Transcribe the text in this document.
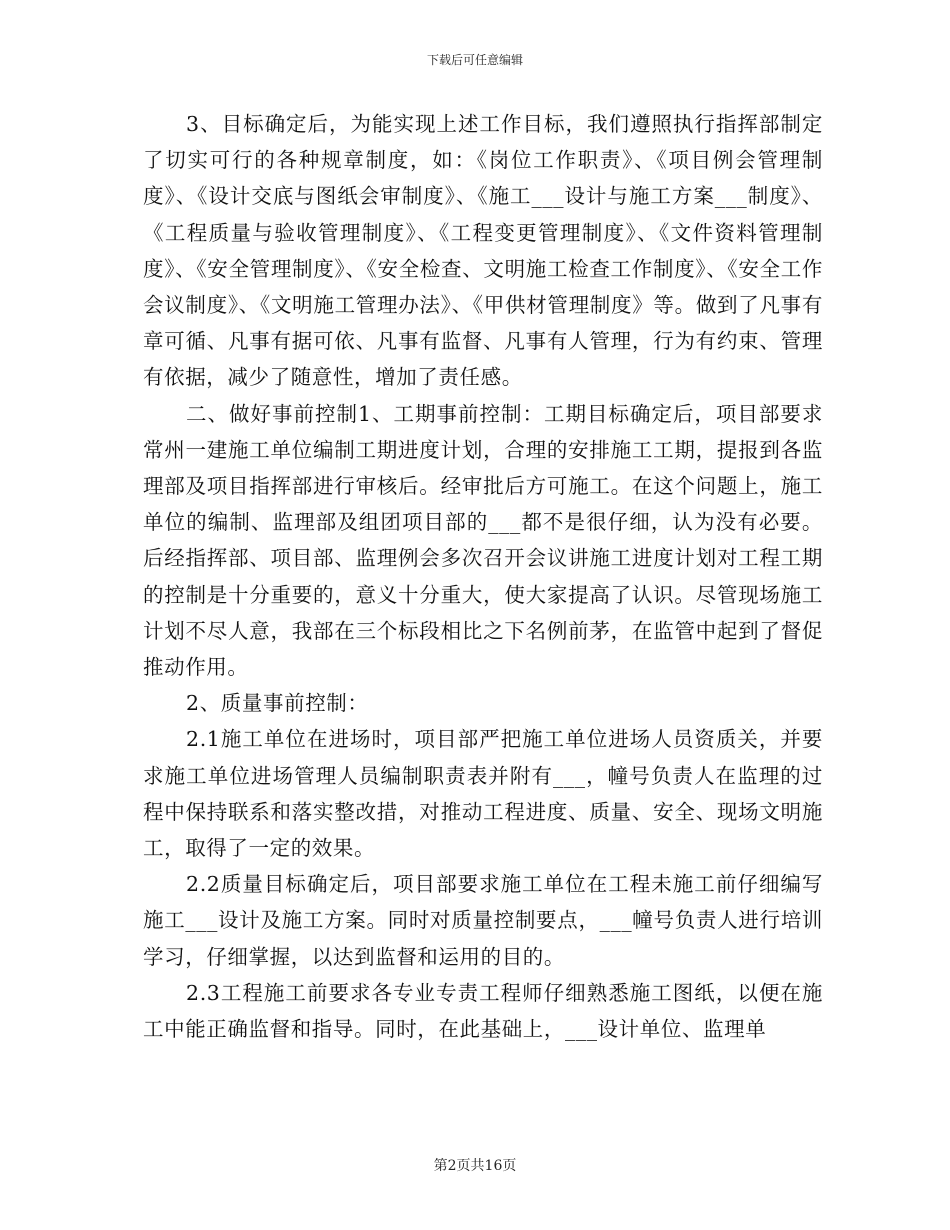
下载后可任意编辑

3、目标确定后，为能实现上述工作目标，我们遵照执行指挥部制定了切实可行的各种规章制度，如：《岗位工作职责》、《项目例会管理制度》、《设计交底与图纸会审制度》、《施工___设计与施工方案___制度》、《工程质量与验收管理制度》、《工程变更管理制度》、《文件资料管理制度》、《安全管理制度》、《安全检查、文明施工检查工作制度》、《安全工作会议制度》、《文明施工管理办法》、《甲供材管理制度》等。做到了凡事有章可循、凡事有据可依、凡事有监督、凡事有人管理，行为有约束、管理有依据，减少了随意性，增加了责任感。

二、做好事前控制1、工期事前控制：工期目标确定后，项目部要求常州一建施工单位编制工期进度计划，合理的安排施工工期，提报到各监理部及项目指挥部进行审核后。经审批后方可施工。在这个问题上，施工单位的编制、监理部及组团项目部的___都不是很仔细，认为没有必要。后经指挥部、项目部、监理例会多次召开会议讲施工进度计划对工程工期的控制是十分重要的，意义十分重大，使大家提高了认识。尽管现场施工计划不尽人意，我部在三个标段相比之下名例前茅，在监管中起到了督促推动作用。

2、质量事前控制：

2.1施工单位在进场时，项目部严把施工单位进场人员资质关，并要求施工单位进场管理人员编制职责表并附有___，幢号负责人在监理的过程中保持联系和落实整改措，对推动工程进度、质量、安全、现场文明施工，取得了一定的效果。

2.2质量目标确定后，项目部要求施工单位在工程未施工前仔细编写施工___设计及施工方案。同时对质量控制要点，___幢号负责人进行培训学习，仔细掌握，以达到监督和运用的目的。

2.3工程施工前要求各专业专责工程师仔细熟悉施工图纸，以便在施工中能正确监督和指导。同时，在此基础上，___设计单位、监理单

第2页共16页
